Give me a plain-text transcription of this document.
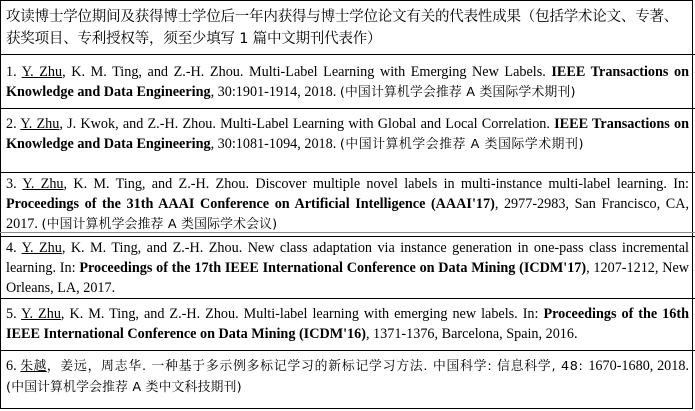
攻读博士学位期间及获得博士学位后一年内获得与博士学位论文有关的代表性成果（包括学术论文、专著、获奖项目、专利授权等，须至少填写 1 篇中文期刊代表作）
1. Y. Zhu, K. M. Ting, and Z.-H. Zhou. Multi-Label Learning with Emerging New Labels. IEEE Transactions on Knowledge and Data Engineering, 30:1901-1914, 2018. (中国计算机学会推荐 A 类国际学术期刊)
2. Y. Zhu, J. Kwok, and Z.-H. Zhou. Multi-Label Learning with Global and Local Correlation. IEEE Transactions on Knowledge and Data Engineering, 30:1081-1094, 2018. (中国计算机学会推荐 A 类国际学术期刊)
3. Y. Zhu, K. M. Ting, and Z.-H. Zhou. Discover multiple novel labels in multi-instance multi-label learning. In: Proceedings of the 31th AAAI Conference on Artificial Intelligence (AAAI'17), 2977-2983, San Francisco, CA, 2017. (中国计算机学会推荐 A 类国际学术会议)
4. Y. Zhu, K. M. Ting, and Z.-H. Zhou. New class adaptation via instance generation in one-pass class incremental learning. In: Proceedings of the 17th IEEE International Conference on Data Mining (ICDM'17), 1207-1212, New Orleans, LA, 2017.
5. Y. Zhu, K. M. Ting, and Z.-H. Zhou. Multi-label learning with emerging new labels. In: Proceedings of the 16th IEEE International Conference on Data Mining (ICDM'16), 1371-1376, Barcelona, Spain, 2016.
6. 朱越，姜远，周志华. 一种基于多示例多标记学习的新标记学习方法. 中国科学: 信息科学, 48: 1670-1680, 2018. (中国计算机学会推荐 A 类中文科技期刊)
